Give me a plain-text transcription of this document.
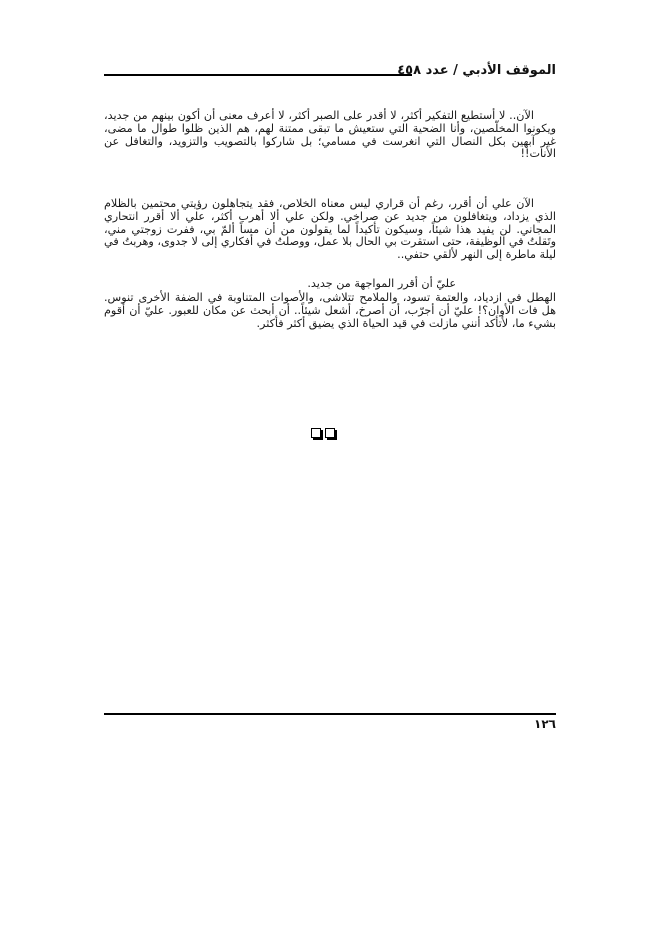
الموقف الأدبي / عدد ٤٥٨

الآن.. لا أستطيع التفكير أكثر، لا أقدر على الصبر أكثر، لا أعرف معنى أن أكون بينهم من جديد، ويكونوا المخلّصين، وأنا الضحية التي ستعيش ما تبقى ممتنة لهم، هم الذين ظلوا طوال ما مضى، غير آبهين بكل النصال التي انغرست في مسامي؛ بل شاركوا بالتصويب والتزويد، والتغافل عن الأنات!!

الآن علي أن أقرر، رغم أن قراري ليس معناه الخلاص، فقد يتجاهلون رؤيتي محتمين بالظلام الذي يزداد، ويتغافلون من جديد عن صراخي. ولكن علي ألا أهرب أكثر، علي ألا أقرر انتحاري المجاني. لن يفيد هذا شيئاً، وسيكون تأكيداً لما يقولون من أن مساً ألمّ بي، ففرت زوجتي مني، وتَقلتُ في الوظيفة، حتى استقرت بي الحال بلا عمل، ووصلتُ في أفكاري إلى لا جدوى، وهربتُ في ليلة ماطرة إلى النهر لألقي حتفي..

عليّ أن أقرر المواجهة من جديد.

الهطل في ازدياد، والعتمة تسود، والملامح تتلاشى، والأصوات المتناوبة في الضفة الأخرى تنوس. هل فات الأوان؟! عليّ أن أجرّب، أن أصرخ، أشعل شيئاً.. أن أبحث عن مكان للعبور. عليّ أن أقوم بشيء ما، لأتأكد أنني مازلت في قيد الحياة الذي يضيق أكثر فأكثر.

١٢٦
